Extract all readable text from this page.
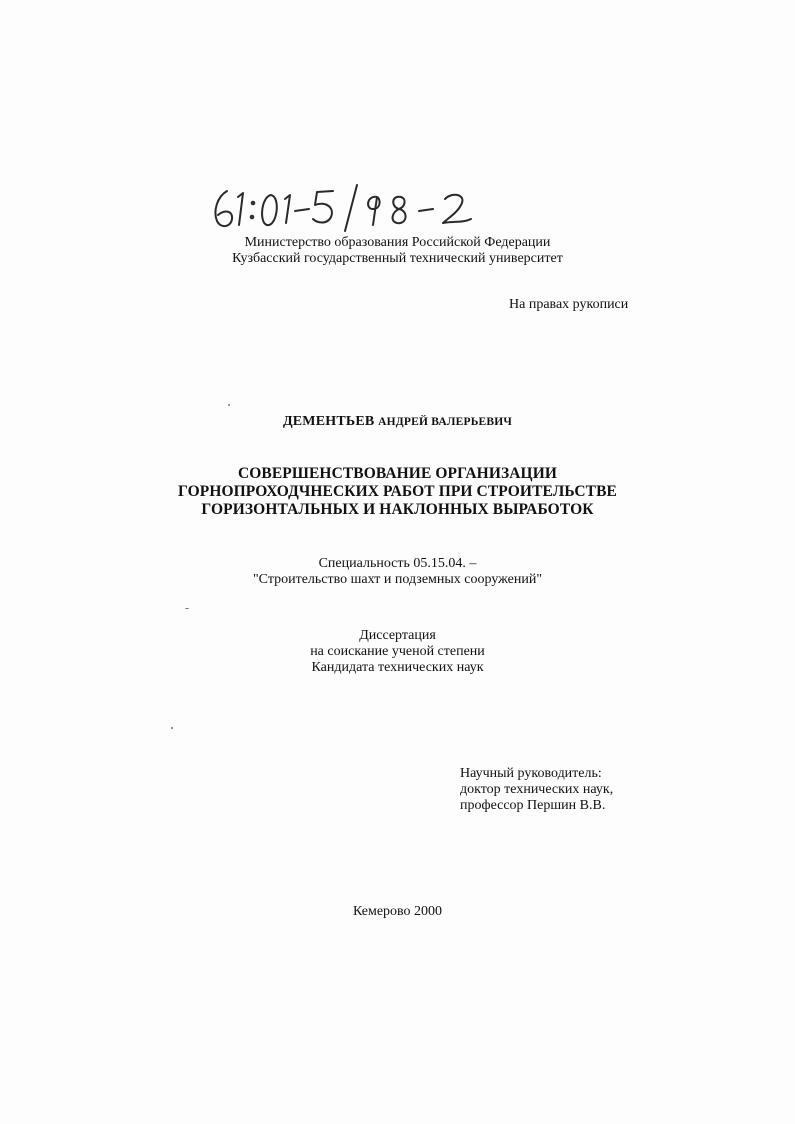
Министерство образования Российской Федерации
Кузбасский государственный технический университет
На правах рукописи
ДЕМЕНТЬЕВ АНДРЕЙ ВАЛЕРЬЕВИЧ
СОВЕРШЕНСТВОВАНИЕ ОРГАНИЗАЦИИ
ГОРНОПРОХОДЧНЕСКИХ РАБОТ ПРИ СТРОИТЕЛЬСТВЕ
ГОРИЗОНТАЛЬНЫХ И НАКЛОННЫХ ВЫРАБОТОК
Специальность 05.15.04. –
"Строительство шахт и подземных сооружений"
Диссертация
на соискание ученой степени
Кандидата технических наук
Научный руководитель:
доктор технических наук,
профессор Першин В.В.
Кемерово 2000
